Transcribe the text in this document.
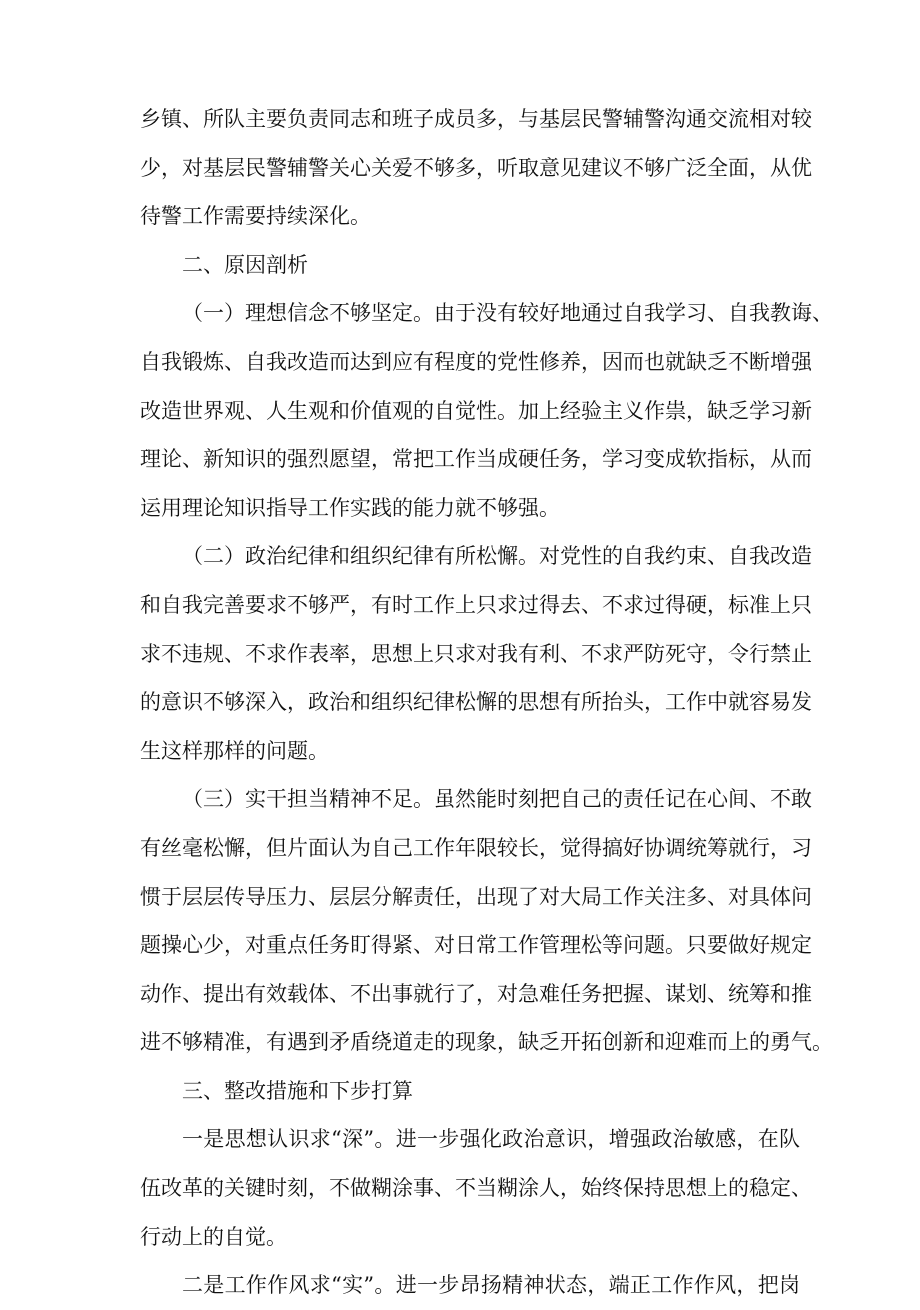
乡镇、所队主要负责同志和班子成员多，与基层民警辅警沟通交流相对较
少，对基层民警辅警关心关爱不够多，听取意见建议不够广泛全面，从优
待警工作需要持续深化。
二、原因剖析
（一）理想信念不够坚定。由于没有较好地通过自我学习、自我教诲、
自我锻炼、自我改造而达到应有程度的党性修养，因而也就缺乏不断增强
改造世界观、人生观和价值观的自觉性。加上经验主义作祟，缺乏学习新
理论、新知识的强烈愿望，常把工作当成硬任务，学习变成软指标，从而
运用理论知识指导工作实践的能力就不够强。
（二）政治纪律和组织纪律有所松懈。对党性的自我约束、自我改造
和自我完善要求不够严，有时工作上只求过得去、不求过得硬，标准上只
求不违规、不求作表率，思想上只求对我有利、不求严防死守，令行禁止
的意识不够深入，政治和组织纪律松懈的思想有所抬头，工作中就容易发
生这样那样的问题。
（三）实干担当精神不足。虽然能时刻把自己的责任记在心间、不敢
有丝毫松懈，但片面认为自己工作年限较长，觉得搞好协调统筹就行，习
惯于层层传导压力、层层分解责任，出现了对大局工作关注多、对具体问
题操心少，对重点任务盯得紧、对日常工作管理松等问题。只要做好规定
动作、提出有效载体、不出事就行了，对急难任务把握、谋划、统筹和推
进不够精准，有遇到矛盾绕道走的现象，缺乏开拓创新和迎难而上的勇气。
三、整改措施和下步打算
一是思想认识求“深”。进一步强化政治意识，增强政治敏感，在队
伍改革的关键时刻，不做糊涂事、不当糊涂人，始终保持思想上的稳定、
行动上的自觉。
二是工作作风求“实”。进一步昂扬精神状态，端正工作作风，把岗
